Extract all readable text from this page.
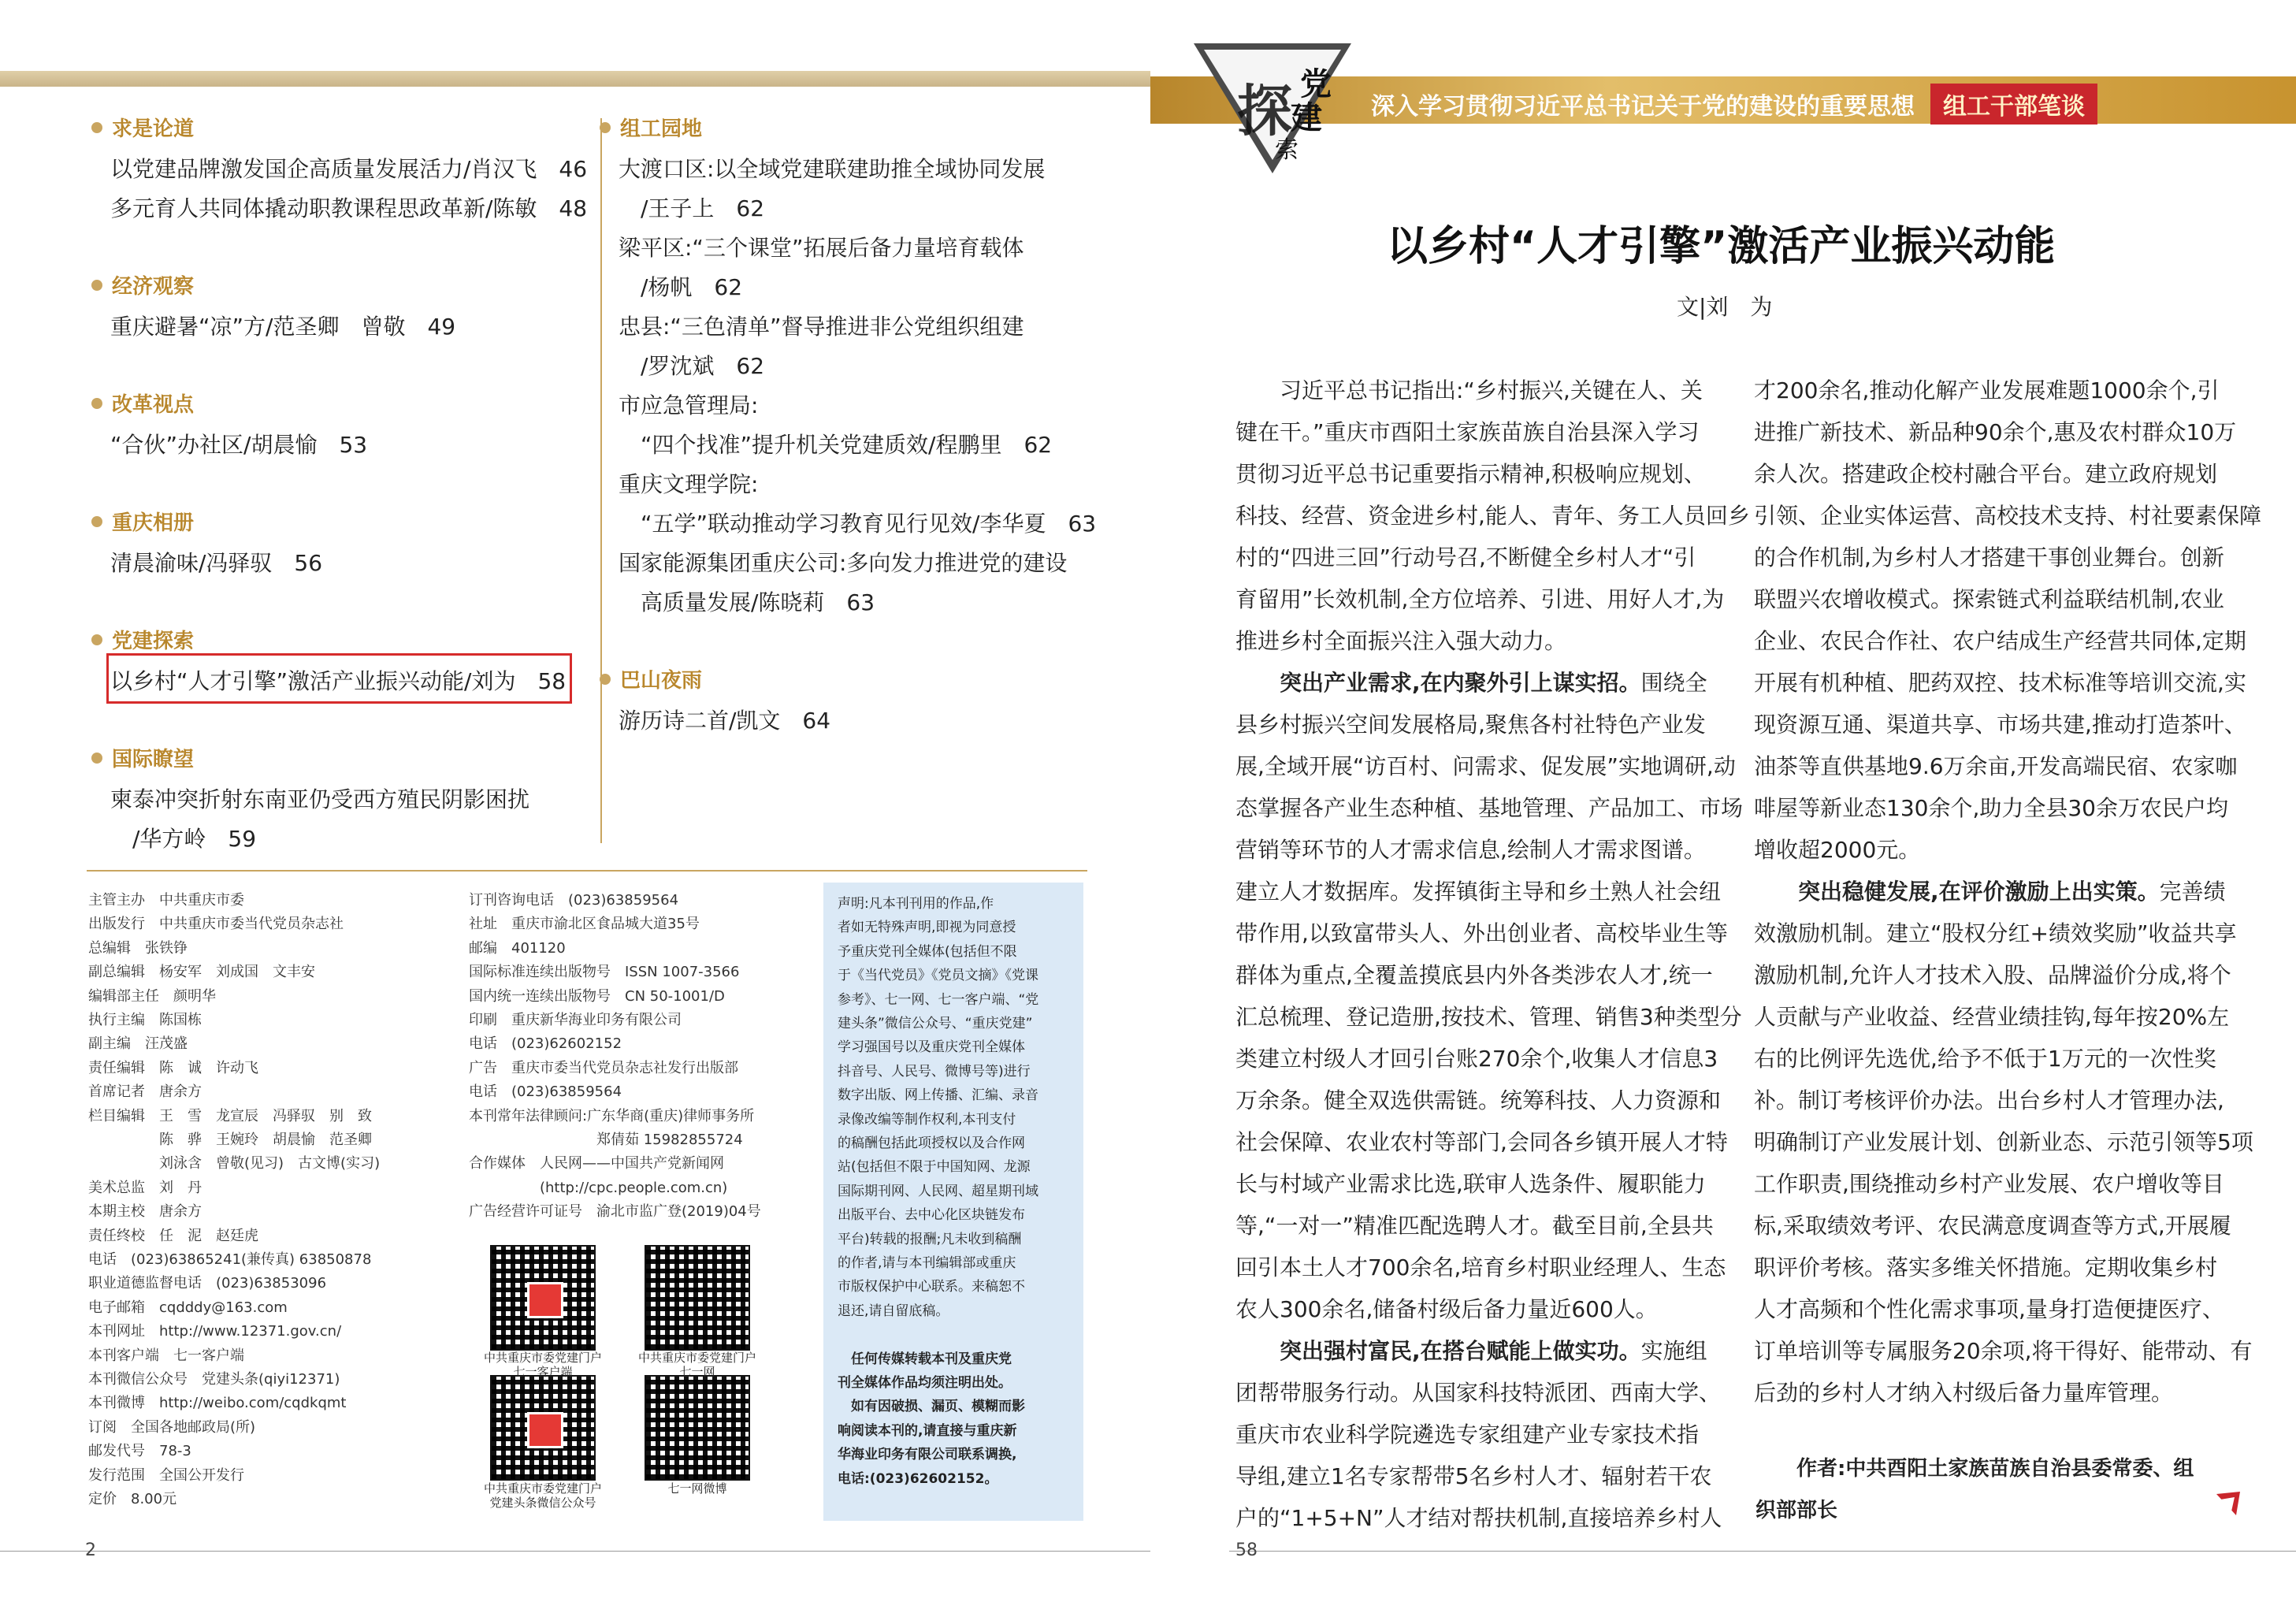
党
建
探
索
深入学习贯彻习近平总书记关于党的建设的重要思想	组工干部笔谈
求是论道
以党建品牌激发国企高质量发展活力/肖汉飞　46
多元育人共同体撬动职教课程思政革新/陈敏　48
经济观察
重庆避暑“凉”方/范圣卿　曾敬　49
改革视点
“合伙”办社区/胡晨愉　53
重庆相册
清晨渝味/冯驿驭　56
党建探索
以乡村“人才引擎”激活产业振兴动能/刘为　58
国际瞭望
柬泰冲突折射东南亚仍受西方殖民阴影困扰
　/华方岭　59
组工园地
大渡口区:以全域党建联建助推全域协同发展
　/王子上　62
梁平区:“三个课堂”拓展后备力量培育载体
　/杨帆　62
忠县:“三色清单”督导推进非公党组织组建
　/罗沈斌　62
市应急管理局:
　“四个找准”提升机关党建质效/程鹏里　62
重庆文理学院:
　“五学”联动推动学习教育见行见效/李华夏　63
国家能源集团重庆公司:多向发力推进党的建设
　高质量发展/陈晓莉　63
巴山夜雨
游历诗二首/凯文　64
主管主办　中共重庆市委
出版发行　中共重庆市委当代党员杂志社
总编辑　张铁铮
副总编辑　杨安军　刘成国　文丰安
编辑部主任　颜明华
执行主编　陈国栋
副主编　汪茂盛
责任编辑　陈　诚　许动飞
首席记者　唐余方
栏目编辑　王　雪　龙宣辰　冯驿驭　别　致
　　　　　陈　骅　王婉玲　胡晨愉　范圣卿
　　　　　刘泳含　曾敬(见习)　古文博(实习)
美术总监　刘　丹
本期主校　唐余方
责任终校　任　泥　赵廷虎
电话　(023)63865241(兼传真) 63850878
职业道德监督电话　(023)63853096
电子邮箱　cqdddy@163.com
本刊网址　http://www.12371.gov.cn/
本刊客户端　七一客户端
本刊微信公众号　党建头条(qiyi12371)
本刊微博　http://weibo.com/cqdkqmt
订阅　全国各地邮政局(所)
邮发代号　78-3
发行范围　全国公开发行
定价　8.00元
订刊咨询电话　(023)63859564
社址　重庆市渝北区食品城大道35号
邮编　401120
国际标准连续出版物号　ISSN 1007-3566
国内统一连续出版物号　CN 50-1001/D
印刷　重庆新华海业印务有限公司
电话　(023)62602152
广告　重庆市委当代党员杂志社发行出版部
电话　(023)63859564
本刊常年法律顾问:广东华商(重庆)律师事务所
　　　　　　　　　郑倩茹 15982855724
合作媒体　人民网——中国共产党新闻网
　　　　　(http://cpc.people.com.cn)
广告经营许可证号　渝北市监广登(2019)04号
中共重庆市委党建门户
七一客户端
中共重庆市委党建门户
七一网
中共重庆市委党建门户
党建头条微信公众号
七一网微博
声明:凡本刊刊用的作品,作
者如无特殊声明,即视为同意授
予重庆党刊全媒体(包括但不限
于《当代党员》《党员文摘》《党课
参考》、七一网、七一客户端、“党
建头条”微信公众号、“重庆党建”
学习强国号以及重庆党刊全媒体
抖音号、人民号、微博号等)进行
数字出版、网上传播、汇编、录音
录像改编等制作权利,本刊支付
的稿酬包括此项授权以及合作网
站(包括但不限于中国知网、龙源
国际期刊网、人民网、超星期刊域
出版平台、去中心化区块链发布
平台)转载的报酬;凡未收到稿酬
的作者,请与本刊编辑部或重庆
市版权保护中心联系。来稿恕不
退还,请自留底稿。
　任何传媒转载本刊及重庆党
刊全媒体作品均须注明出处。
　如有因破损、漏页、模糊而影
响阅读本刊的,请直接与重庆新
华海业印务有限公司联系调换,
电话:(023)62602152。
2	58
以乡村“人才引擎”激活产业振兴动能
文|刘　为
　　习近平总书记指出:“乡村振兴,关键在人、关
键在干。”重庆市酉阳土家族苗族自治县深入学习
贯彻习近平总书记重要指示精神,积极响应规划、
科技、经营、资金进乡村,能人、青年、务工人员回乡
村的“四进三回”行动号召,不断健全乡村人才“引
育留用”长效机制,全方位培养、引进、用好人才,为
推进乡村全面振兴注入强大动力。
　　突出产业需求,在内聚外引上谋实招。围绕全
县乡村振兴空间发展格局,聚焦各村社特色产业发
展,全域开展“访百村、问需求、促发展”实地调研,动
态掌握各产业生态种植、基地管理、产品加工、市场
营销等环节的人才需求信息,绘制人才需求图谱。
建立人才数据库。发挥镇街主导和乡土熟人社会纽
带作用,以致富带头人、外出创业者、高校毕业生等
群体为重点,全覆盖摸底县内外各类涉农人才,统一
汇总梳理、登记造册,按技术、管理、销售3种类型分
类建立村级人才回引台账270余个,收集人才信息3
万余条。健全双选供需链。统筹科技、人力资源和
社会保障、农业农村等部门,会同各乡镇开展人才特
长与村域产业需求比选,联审人选条件、履职能力
等,“一对一”精准匹配选聘人才。截至目前,全县共
回引本土人才700余名,培育乡村职业经理人、生态
农人300余名,储备村级后备力量近600人。
　　突出强村富民,在搭台赋能上做实功。实施组
团帮带服务行动。从国家科技特派团、西南大学、
重庆市农业科学院遴选专家组建产业专家技术指
导组,建立1名专家帮带5名乡村人才、辐射若干农
户的“1+5+N”人才结对帮扶机制,直接培养乡村人
才200余名,推动化解产业发展难题1000余个,引
进推广新技术、新品种90余个,惠及农村群众10万
余人次。搭建政企校村融合平台。建立政府规划
引领、企业实体运营、高校技术支持、村社要素保障
的合作机制,为乡村人才搭建干事创业舞台。创新
联盟兴农增收模式。探索链式利益联结机制,农业
企业、农民合作社、农户结成生产经营共同体,定期
开展有机种植、肥药双控、技术标准等培训交流,实
现资源互通、渠道共享、市场共建,推动打造茶叶、
油茶等直供基地9.6万余亩,开发高端民宿、农家咖
啡屋等新业态130余个,助力全县30余万农民户均
增收超2000元。
　　突出稳健发展,在评价激励上出实策。完善绩
效激励机制。建立“股权分红+绩效奖励”收益共享
激励机制,允许人才技术入股、品牌溢价分成,将个
人贡献与产业收益、经营业绩挂钩,每年按20%左
右的比例评先选优,给予不低于1万元的一次性奖
补。制订考核评价办法。出台乡村人才管理办法,
明确制订产业发展计划、创新业态、示范引领等5项
工作职责,围绕推动乡村产业发展、农户增收等目
标,采取绩效考评、农民满意度调查等方式,开展履
职评价考核。落实多维关怀措施。定期收集乡村
人才高频和个性化需求事项,量身打造便捷医疗、
订单培训等专属服务20余项,将干得好、能带动、有
后劲的乡村人才纳入村级后备力量库管理。
作者:中共酉阳土家族苗族自治县委常委、组
织部部长
